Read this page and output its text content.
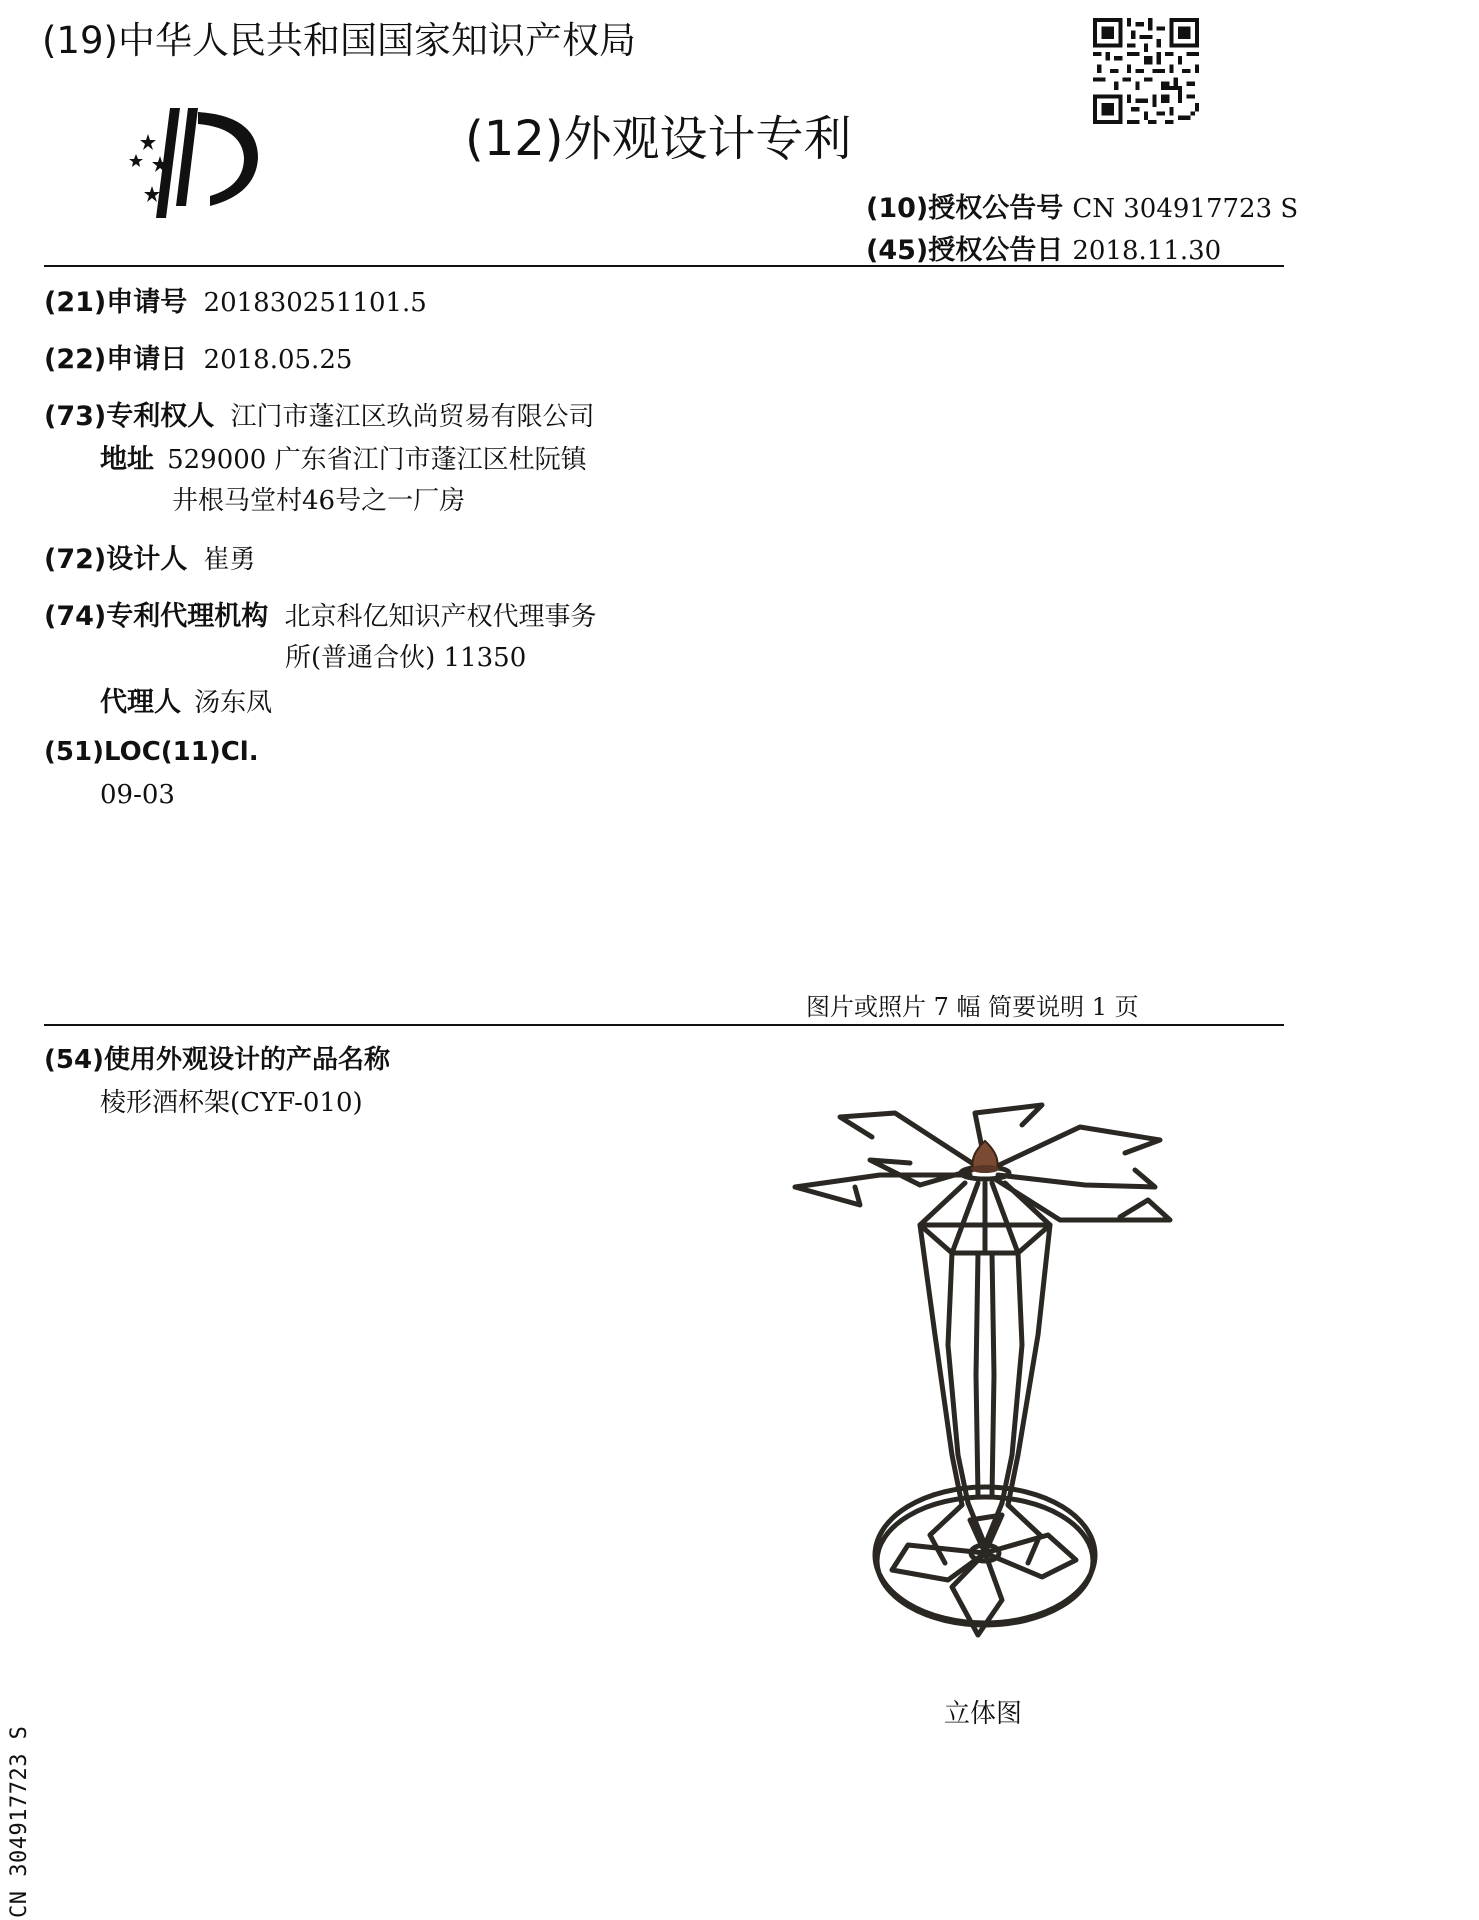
(19)中华人民共和国国家知识产权局
(12)外观设计专利
(10)授权公告号 CN 304917723 S
(45)授权公告日 2018.11.30
(21)申请号 201830251101.5
(22)申请日 2018.05.25
(73)专利权人 江门市蓬江区玖尚贸易有限公司
地址 529000 广东省江门市蓬江区杜阮镇
井根马堂村46号之一厂房
(72)设计人 崔勇
(74)专利代理机构 北京科亿知识产权代理事务
所(普通合伙) 11350
代理人 汤东凤
(51)LOC(11)Cl.
09-03
图片或照片 7 幅 简要说明 1 页
(54)使用外观设计的产品名称
棱形酒杯架(CYF-010)
立体图
CN 304917723 S
